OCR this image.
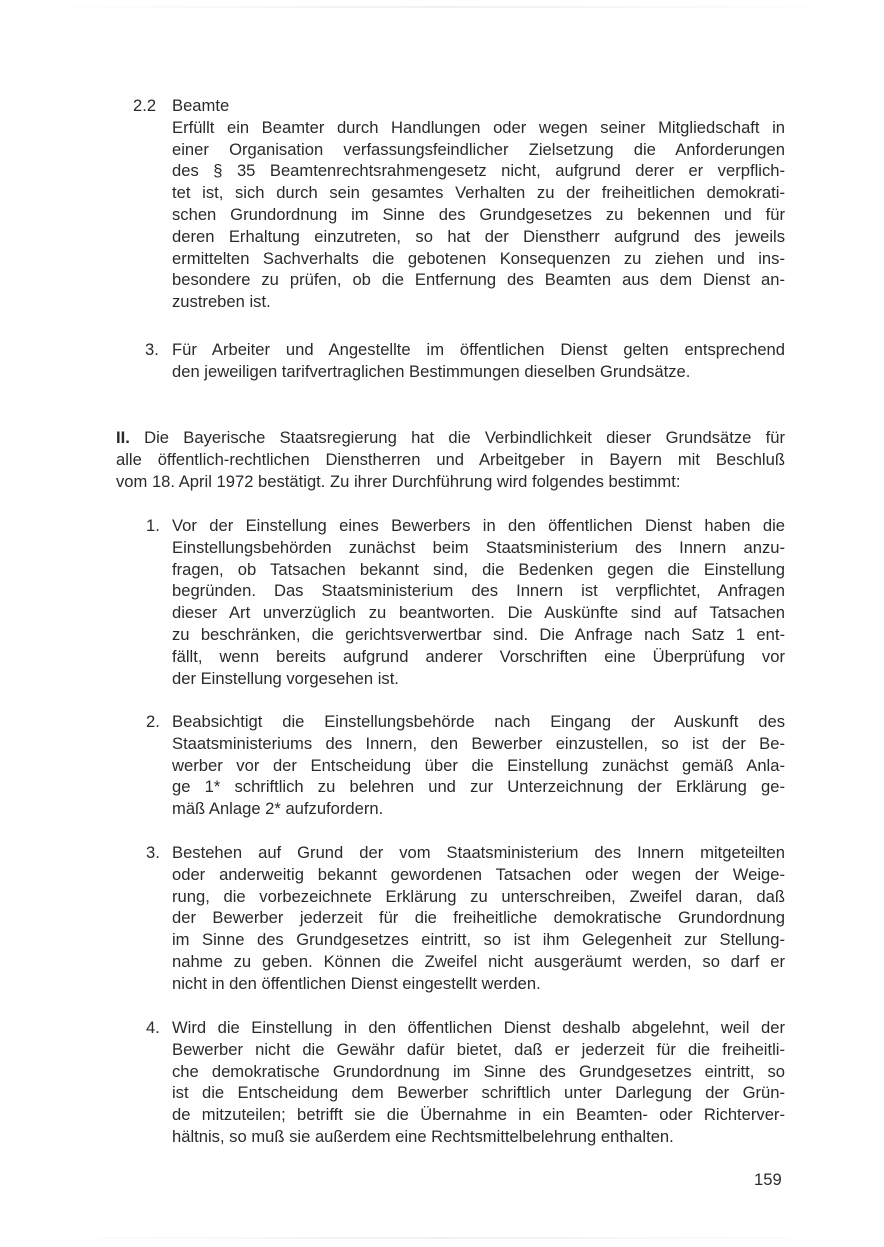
2.2 Beamte
Erfüllt ein Beamter durch Handlungen oder wegen seiner Mitgliedschaft in
einer Organisation verfassungsfeindlicher Zielsetzung die Anforderungen
des § 35 Beamtenrechtsrahmengesetz nicht, aufgrund derer er verpflich-
tet ist, sich durch sein gesamtes Verhalten zu der freiheitlichen demokrati-
schen Grundordnung im Sinne des Grundgesetzes zu bekennen und für
deren Erhaltung einzutreten, so hat der Dienstherr aufgrund des jeweils
ermittelten Sachverhalts die gebotenen Konsequenzen zu ziehen und ins-
besondere zu prüfen, ob die Entfernung des Beamten aus dem Dienst an-
zustreben ist.
3. Für Arbeiter und Angestellte im öffentlichen Dienst gelten entsprechend
den jeweiligen tarifvertraglichen Bestimmungen dieselben Grundsätze.
II. Die Bayerische Staatsregierung hat die Verbindlichkeit dieser Grundsätze für
alle öffentlich-rechtlichen Dienstherren und Arbeitgeber in Bayern mit Beschluß
vom 18. April 1972 bestätigt. Zu ihrer Durchführung wird folgendes bestimmt:
1. Vor der Einstellung eines Bewerbers in den öffentlichen Dienst haben die
Einstellungsbehörden zunächst beim Staatsministerium des Innern anzu-
fragen, ob Tatsachen bekannt sind, die Bedenken gegen die Einstellung
begründen. Das Staatsministerium des Innern ist verpflichtet, Anfragen
dieser Art unverzüglich zu beantworten. Die Auskünfte sind auf Tatsachen
zu beschränken, die gerichtsverwertbar sind. Die Anfrage nach Satz 1 ent-
fällt, wenn bereits aufgrund anderer Vorschriften eine Überprüfung vor
der Einstellung vorgesehen ist.
2. Beabsichtigt die Einstellungsbehörde nach Eingang der Auskunft des
Staatsministeriums des Innern, den Bewerber einzustellen, so ist der Be-
werber vor der Entscheidung über die Einstellung zunächst gemäß Anla-
ge 1* schriftlich zu belehren und zur Unterzeichnung der Erklärung ge-
mäß Anlage 2* aufzufordern.
3. Bestehen auf Grund der vom Staatsministerium des Innern mitgeteilten
oder anderweitig bekannt gewordenen Tatsachen oder wegen der Weige-
rung, die vorbezeichnete Erklärung zu unterschreiben, Zweifel daran, daß
der Bewerber jederzeit für die freiheitliche demokratische Grundordnung
im Sinne des Grundgesetzes eintritt, so ist ihm Gelegenheit zur Stellung-
nahme zu geben. Können die Zweifel nicht ausgeräumt werden, so darf er
nicht in den öffentlichen Dienst eingestellt werden.
4. Wird die Einstellung in den öffentlichen Dienst deshalb abgelehnt, weil der
Bewerber nicht die Gewähr dafür bietet, daß er jederzeit für die freiheitli-
che demokratische Grundordnung im Sinne des Grundgesetzes eintritt, so
ist die Entscheidung dem Bewerber schriftlich unter Darlegung der Grün-
de mitzuteilen; betrifft sie die Übernahme in ein Beamten- oder Richterver-
hältnis, so muß sie außerdem eine Rechtsmittelbelehrung enthalten.
159
